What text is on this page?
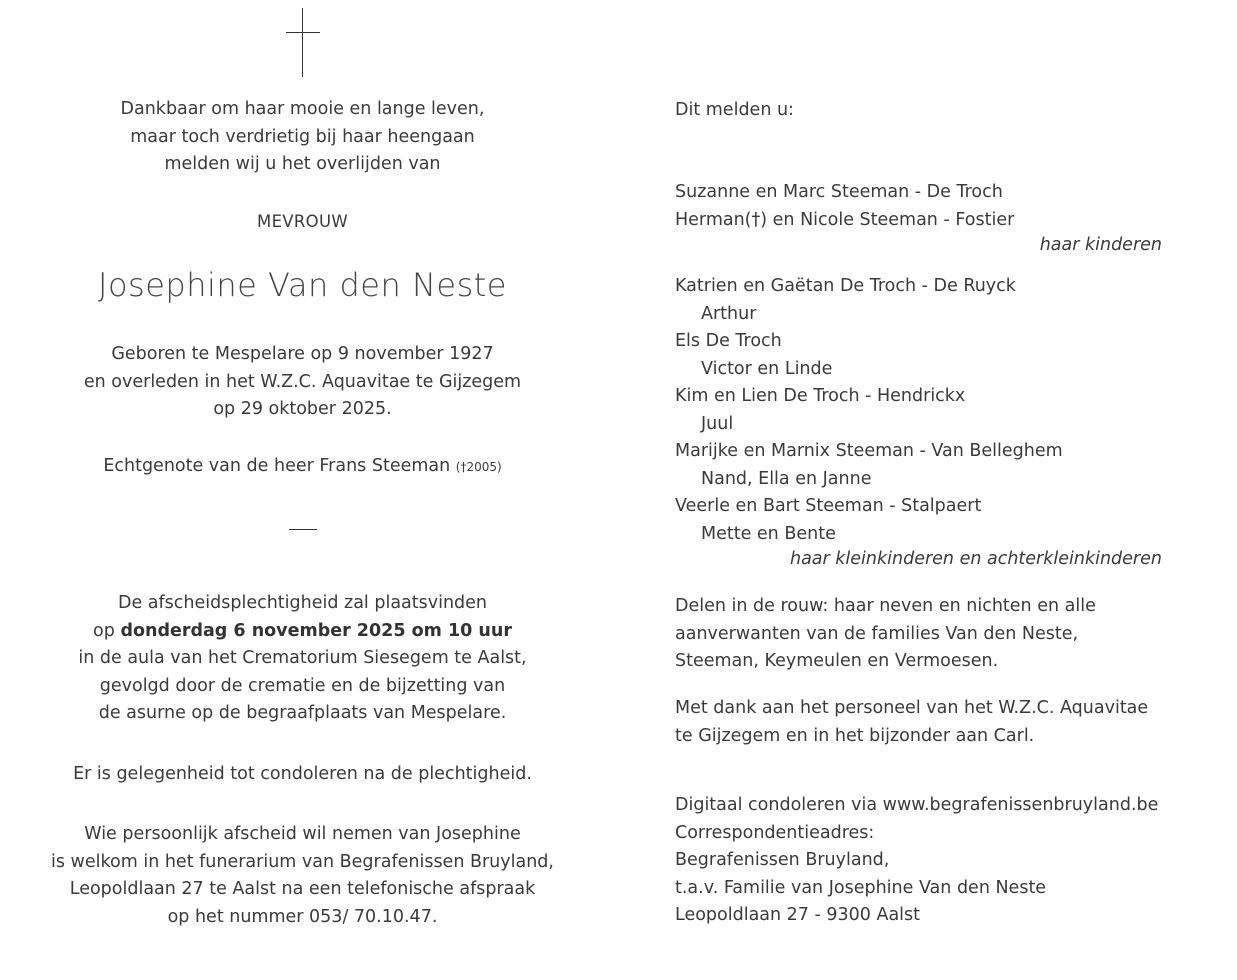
Dankbaar om haar mooie en lange leven,

maar toch verdrietig bij haar heengaan

melden wij u het overlijden van

MEVROUW
Josephine Van den Neste

Geboren te Mespelare op 9 november 1927

en overleden in het W.Z.C. Aquavitae te Gijzegem

op 29 oktober 2025.

Echtgenote van de heer Frans Steeman (†2005)

De afscheidsplechtigheid zal plaatsvinden

op donderdag 6 november 2025 om 10 uur

in de aula van het Crematorium Siesegem te Aalst,

gevolgd door de crematie en de bijzetting van

de asurne op de begraafplaats van Mespelare.

Er is gelegenheid tot condoleren na de plechtigheid.

Wie persoonlijk afscheid wil nemen van Josephine

is welkom in het funerarium van Begrafenissen Bruyland,

Leopoldlaan 27 te Aalst na een telefonische afspraak

op het nummer 053/ 70.10.47.

Dit melden u:

Suzanne en Marc Steeman - De Troch

Herman(†) en Nicole Steeman - Fostier

haar kinderen

Katrien en Gaëtan De Troch - De Ruyck

Arthur

Els De Troch

Victor en Linde

Kim en Lien De Troch - Hendrickx

Juul

Marijke en Marnix Steeman - Van Belleghem

Nand, Ella en Janne

Veerle en Bart Steeman - Stalpaert

Mette en Bente

haar kleinkinderen en achterkleinkinderen

Delen in de rouw: haar neven en nichten en alle

aanverwanten van de families Van den Neste,

Steeman, Keymeulen en Vermoesen.

Met dank aan het personeel van het W.Z.C. Aquavitae

te Gijzegem en in het bijzonder aan Carl.

Digitaal condoleren via www.begrafenissenbruyland.be

Correspondentieadres:

Begrafenissen Bruyland,

t.a.v. Familie van Josephine Van den Neste

Leopoldlaan 27 - 9300 Aalst
